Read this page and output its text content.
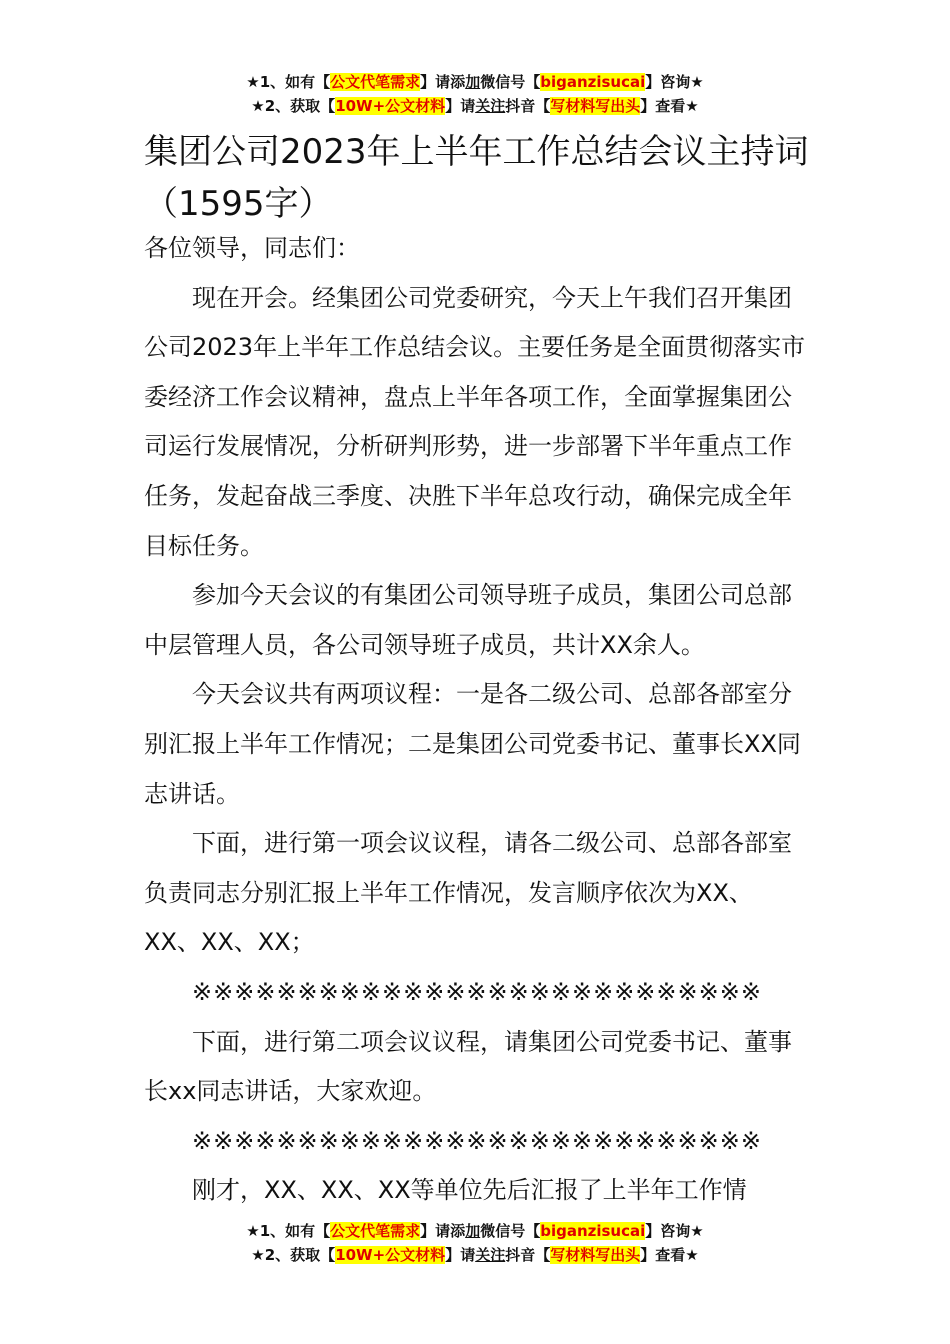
★1、如有【公文代笔需求】请添加微信号【biganzisucai】咨询★
★2、获取【10W+公文材料】请关注抖音【写材料写出头】查看★
集团公司2023年上半年工作总结会议主持词（1595字）

各位领导，同志们：

现在开会。经集团公司党委研究，今天上午我们召开集团公司2023年上半年工作总结会议。主要任务是全面贯彻落实市委经济工作会议精神，盘点上半年各项工作，全面掌握集团公司运行发展情况，分析研判形势，进一步部署下半年重点工作任务，发起奋战三季度、决胜下半年总攻行动，确保完成全年目标任务。

参加今天会议的有集团公司领导班子成员，集团公司总部中层管理人员，各公司领导班子成员，共计XX余人。

今天会议共有两项议程：一是各二级公司、总部各部室分别汇报上半年工作情况；二是集团公司党委书记、董事长XX同志讲话。

下面，进行第一项会议议程，请各二级公司、总部各部室负责同志分别汇报上半年工作情况，发言顺序依次为XX、XX、XX、XX；

※※※※※※※※※※※※※※※※※※※※※※※※※※※

下面，进行第二项会议议程，请集团公司党委书记、董事长xx同志讲话，大家欢迎。

※※※※※※※※※※※※※※※※※※※※※※※※※※※

刚才，XX、XX、XX等单位先后汇报了上半年工作情

★1、如有【公文代笔需求】请添加微信号【biganzisucai】咨询★
★2、获取【10W+公文材料】请关注抖音【写材料写出头】查看★
